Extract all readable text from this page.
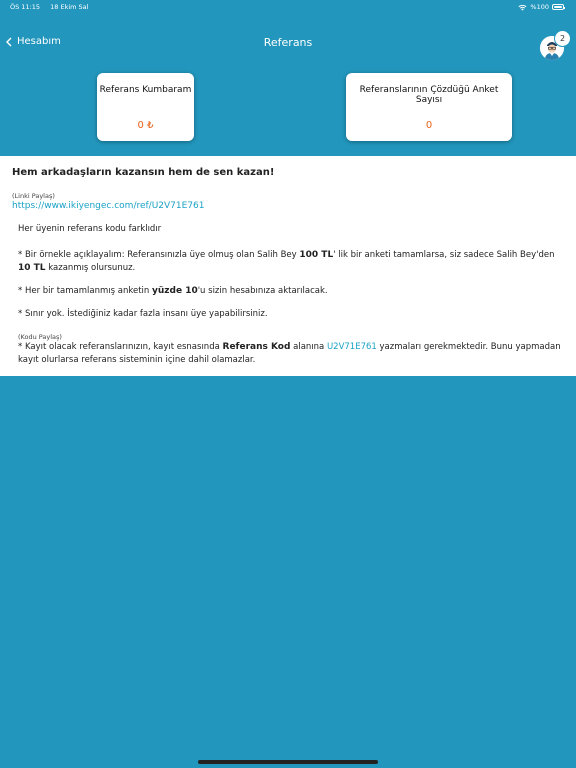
ÖS 11:15 18 Ekim Sal	%100
Hesabım	Referans	2
Referans Kumbaram
0 ₺
Referanslarının Çözdüğü Anket Sayısı
0
Hem arkadaşların kazansın hem de sen kazan!
(Linki Paylaş)
https://www.ikiyengec.com/ref/U2V71E761
Her üyenin referans kodu farklıdır
* Bir örnekle açıklayalım: Referansınızla üye olmuş olan Salih Bey 100 TL' lik bir anketi tamamlarsa, siz sadece Salih Bey'den
10 TL kazanmış olursunuz.
* Her bir tamamlanmış anketin yüzde 10'u sizin hesabınıza aktarılacak.
* Sınır yok. İstediğiniz kadar fazla insanı üye yapabilirsiniz.
(Kodu Paylaş)
* Kayıt olacak referanslarınızın, kayıt esnasında Referans Kod alanına U2V71E761 yazmaları gerekmektedir. Bunu yapmadan
kayıt olurlarsa referans sisteminin içine dahil olamazlar.
